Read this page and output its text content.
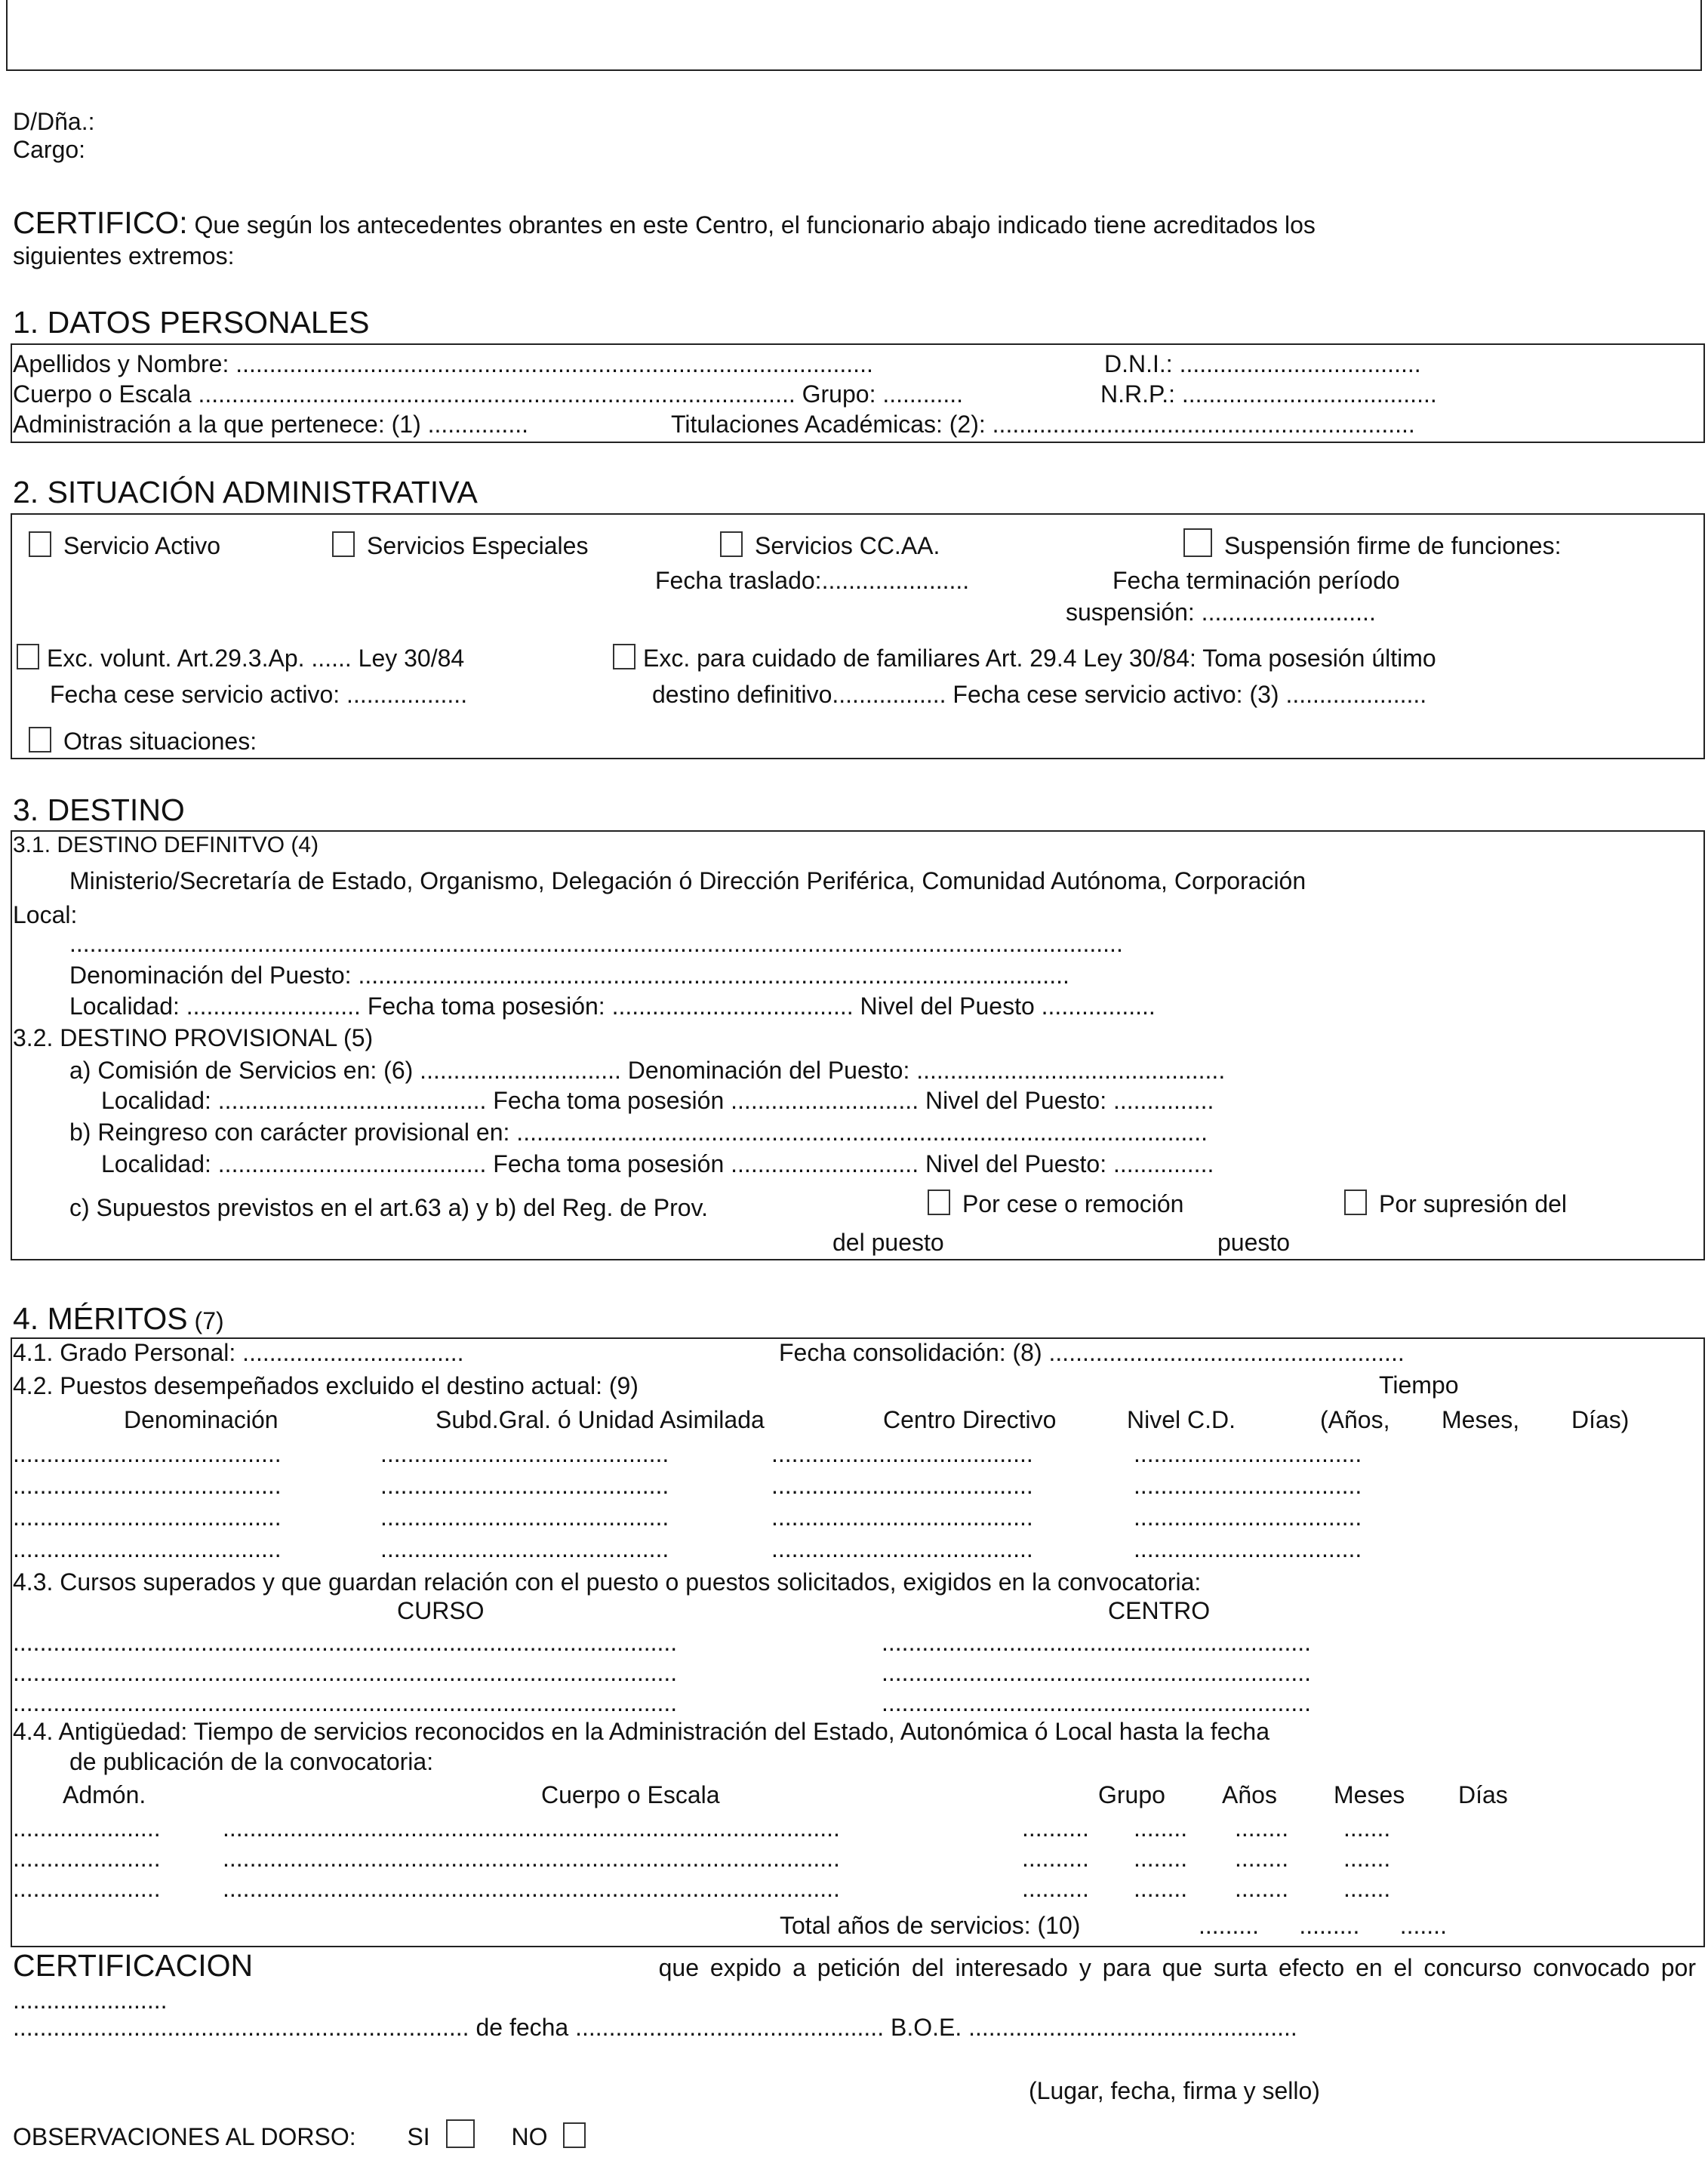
D/Dña.:
Cargo:
CERTIFICO: Que según los antecedentes obrantes en este Centro, el funcionario abajo indicado tiene acreditados los
siguientes extremos:
1. DATOS PERSONALES
Apellidos y Nombre: ...............................................................................................	D.N.I.: ....................................
Cuerpo o Escala ......................................................................................... Grupo: ............	N.R.P.: ......................................
Administración a la que pertenece: (1) ...............	Titulaciones Académicas: (2): ...............................................................
2. SITUACIÓN ADMINISTRATIVA
Servicio Activo	Servicios Especiales	Servicios CC.AA.	Suspensión firme de funciones:
Fecha traslado:......................	Fecha terminación período
suspensión: ..........................
Exc. volunt. Art.29.3.Ap. ...... Ley 30/84
Fecha cese servicio activo: ..................
Exc. para cuidado de familiares Art. 29.4 Ley 30/84: Toma posesión último
destino definitivo................. Fecha cese servicio activo: (3) .....................
Otras situaciones:
3. DESTINO
3.1. DESTINO DEFINITVO (4)
Ministerio/Secretaría de Estado, Organismo, Delegación ó Dirección Periférica, Comunidad Autónoma, Corporación
Local:
.............................................................................................................................................................
Denominación del Puesto: ..........................................................................................................
Localidad: .......................... Fecha toma posesión: .................................... Nivel del Puesto .................
3.2. DESTINO PROVISIONAL (5)
a) Comisión de Servicios en: (6) .............................. Denominación del Puesto: ..............................................
Localidad: ........................................ Fecha toma posesión ............................ Nivel del Puesto: ...............
b) Reingreso con carácter provisional en: .......................................................................................................
Localidad: ........................................ Fecha toma posesión ............................ Nivel del Puesto: ...............
c) Supuestos previstos en el art.63 a) y b) del Reg. de Prov.	Por cese o remoción	Por supresión del
del puesto	puesto
4. MÉRITOS (7)
4.1. Grado Personal: .................................	Fecha consolidación: (8) .....................................................
4.2. Puestos desempeñados excluido el destino actual: (9)	Tiempo
Denominación	Subd.Gral. ó Unidad Asimilada	Centro Directivo	Nivel C.D.	(Años, Meses, Días)
........................................	...........................................	.......................................	..................................
........................................	...........................................	.......................................	..................................
........................................	...........................................	.......................................	..................................
........................................	...........................................	.......................................	..................................
4.3. Cursos superados y que guardan relación con el puesto o puestos solicitados, exigidos en la convocatoria:
CURSO	CENTRO
...................................................................................................	................................................................
...................................................................................................	................................................................
...................................................................................................	................................................................
4.4. Antigüedad: Tiempo de servicios reconocidos en la Administración del Estado, Autonómica ó Local hasta la fecha
de publicación de la convocatoria:
Admón.	Cuerpo o Escala	Grupo Años Meses Días
......................	............................................................................................	.......... ........ ........ .......
......................	............................................................................................	.......... ........ ........ .......
......................	............................................................................................	.......... ........ ........ .......
Total años de servicios: (10)	.........      .........      .......
CERTIFICACION	que expido a petición del interesado y para que surta efecto en el concurso convocado por
.......................
.................................................................... de fecha .............................................. B.O.E. .................................................
(Lugar, fecha, firma y sello)
OBSERVACIONES AL DORSO: SI	NO
